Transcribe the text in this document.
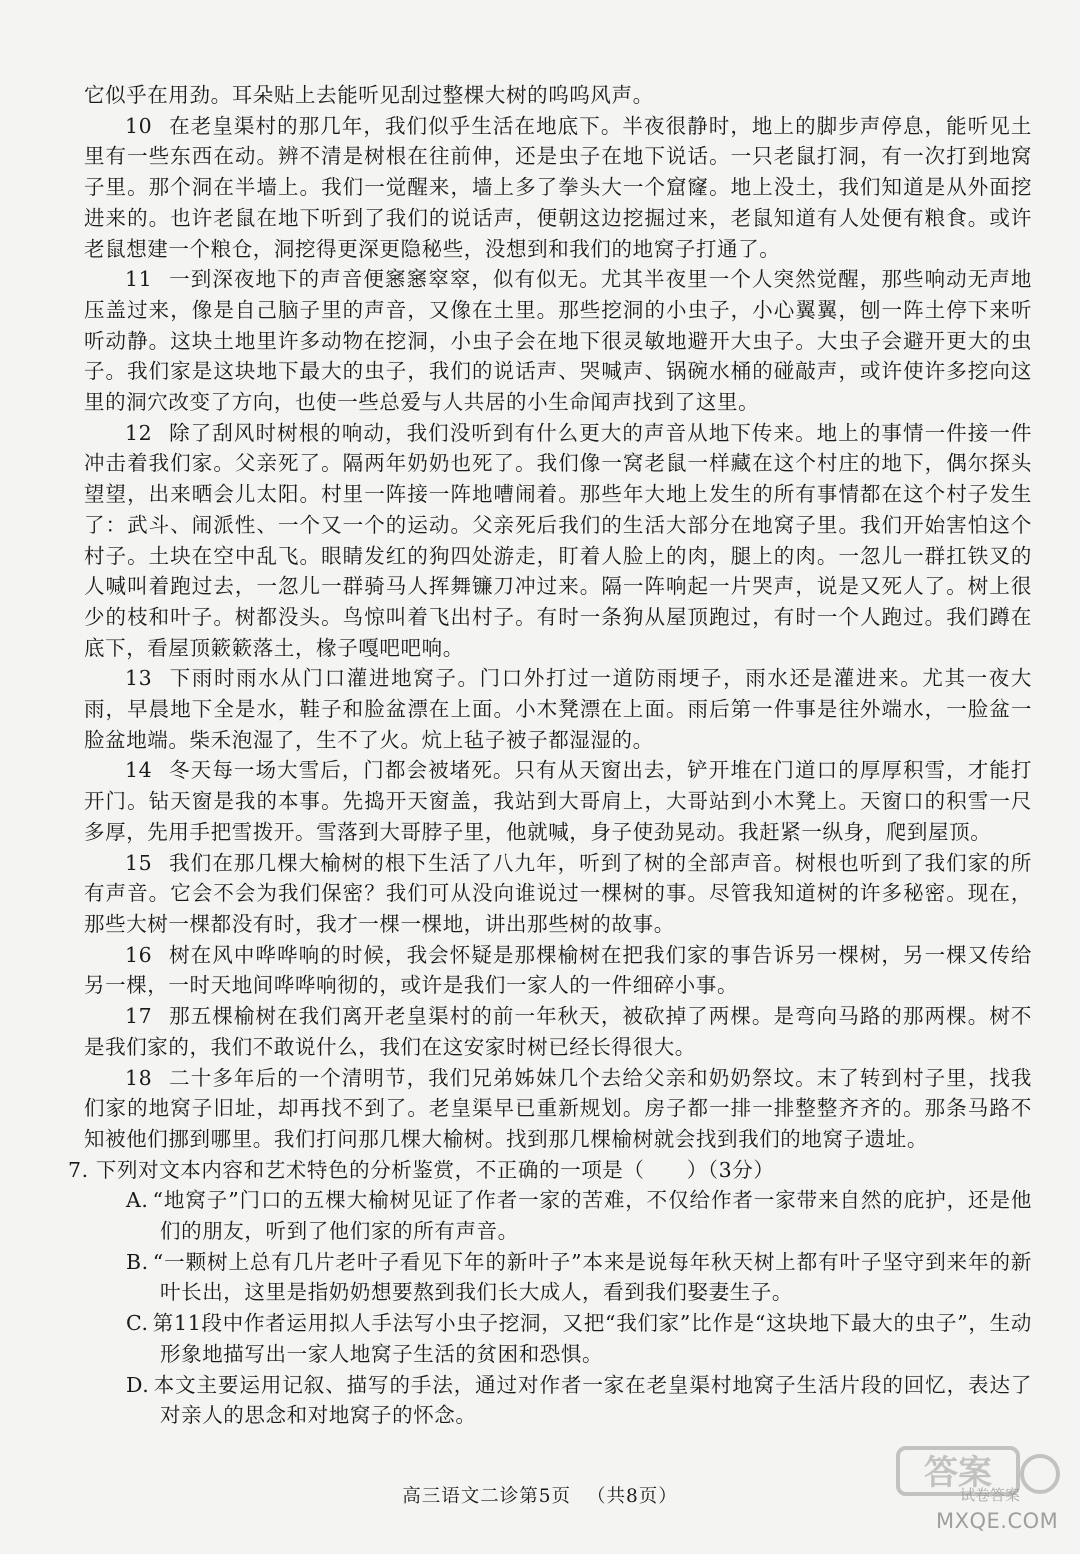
它似乎在用劲。耳朵贴上去能听见刮过整棵大树的呜呜风声。

10 在老皇渠村的那几年，我们似乎生活在地底下。半夜很静时，地上的脚步声停息，能听见土里有一些东西在动。辨不清是树根在往前伸，还是虫子在地下说话。一只老鼠打洞，有一次打到地窝子里。那个洞在半墙上。我们一觉醒来，墙上多了拳头大一个窟窿。地上没土，我们知道是从外面挖进来的。也许老鼠在地下听到了我们的说话声，便朝这边挖掘过来，老鼠知道有人处便有粮食。或许老鼠想建一个粮仓，洞挖得更深更隐秘些，没想到和我们的地窝子打通了。

11 一到深夜地下的声音便窸窸窣窣，似有似无。尤其半夜里一个人突然觉醒，那些响动无声地压盖过来，像是自己脑子里的声音，又像在土里。那些挖洞的小虫子，小心翼翼，刨一阵土停下来听听动静。这块土地里许多动物在挖洞，小虫子会在地下很灵敏地避开大虫子。大虫子会避开更大的虫子。我们家是这块地下最大的虫子，我们的说话声、哭喊声、锅碗水桶的碰敲声，或许使许多挖向这里的洞穴改变了方向，也使一些总爱与人共居的小生命闻声找到了这里。

12 除了刮风时树根的响动，我们没听到有什么更大的声音从地下传来。地上的事情一件接一件冲击着我们家。父亲死了。隔两年奶奶也死了。我们像一窝老鼠一样藏在这个村庄的地下，偶尔探头望望，出来晒会儿太阳。村里一阵接一阵地嘈闹着。那些年大地上发生的所有事情都在这个村子发生了：武斗、闹派性、一个又一个的运动。父亲死后我们的生活大部分在地窝子里。我们开始害怕这个村子。土块在空中乱飞。眼睛发红的狗四处游走，盯着人脸上的肉，腿上的肉。一忽儿一群扛铁叉的人喊叫着跑过去，一忽儿一群骑马人挥舞镰刀冲过来。隔一阵响起一片哭声，说是又死人了。树上很少的枝和叶子。树都没头。鸟惊叫着飞出村子。有时一条狗从屋顶跑过，有时一个人跑过。我们蹲在底下，看屋顶簌簌落土，椽子嘎吧吧响。

13 下雨时雨水从门口灌进地窝子。门口外打过一道防雨埂子，雨水还是灌进来。尤其一夜大雨，早晨地下全是水，鞋子和脸盆漂在上面。小木凳漂在上面。雨后第一件事是往外端水，一脸盆一脸盆地端。柴禾泡湿了，生不了火。炕上毡子被子都湿湿的。

14 冬天每一场大雪后，门都会被堵死。只有从天窗出去，铲开堆在门道口的厚厚积雪，才能打开门。钻天窗是我的本事。先捣开天窗盖，我站到大哥肩上，大哥站到小木凳上。天窗口的积雪一尺多厚，先用手把雪拨开。雪落到大哥脖子里，他就喊，身子使劲晃动。我赶紧一纵身，爬到屋顶。

15 我们在那几棵大榆树的根下生活了八九年，听到了树的全部声音。树根也听到了我们家的所有声音。它会不会为我们保密？我们可从没向谁说过一棵树的事。尽管我知道树的许多秘密。现在，那些大树一棵都没有时，我才一棵一棵地，讲出那些树的故事。

16 树在风中哗哗响的时候，我会怀疑是那棵榆树在把我们家的事告诉另一棵树，另一棵又传给另一棵，一时天地间哗哗响彻的，或许是我们一家人的一件细碎小事。

17 那五棵榆树在我们离开老皇渠村的前一年秋天，被砍掉了两棵。是弯向马路的那两棵。树不是我们家的，我们不敢说什么，我们在这安家时树已经长得很大。

18 二十多年后的一个清明节，我们兄弟姊妹几个去给父亲和奶奶祭坟。末了转到村子里，找我们家的地窝子旧址，却再找不到了。老皇渠早已重新规划。房子都一排一排整整齐齐的。那条马路不知被他们挪到哪里。我们打问那几棵大榆树。找到那几棵榆树就会找到我们的地窝子遗址。

7. 下列对文本内容和艺术特色的分析鉴赏，不正确的一项是（　　）（3分）

A. “地窝子”门口的五棵大榆树见证了作者一家的苦难，不仅给作者一家带来自然的庇护，还是他们的朋友，听到了他们家的所有声音。

B. “一颗树上总有几片老叶子看见下年的新叶子”本来是说每年秋天树上都有叶子坚守到来年的新叶长出，这里是指奶奶想要熬到我们长大成人，看到我们娶妻生子。

C. 第11段中作者运用拟人手法写小虫子挖洞，又把“我们家”比作是“这块地下最大的虫子”，生动形象地描写出一家人地窝子生活的贫困和恐惧。

D. 本文主要运用记叙、描写的手法，通过对作者一家在老皇渠村地窝子生活片段的回忆，表达了对亲人的思念和对地窝子的怀念。

高三语文二诊第5页 （共8页）
答案
试卷答案
MXQE.COM
